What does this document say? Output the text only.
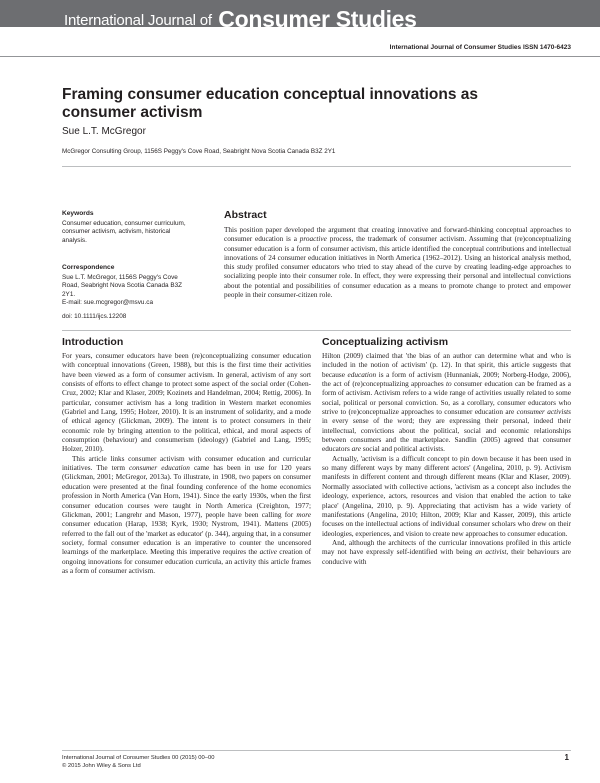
International Journal of Consumer Studies
International Journal of Consumer Studies ISSN 1470-6423
Framing consumer education conceptual innovations as consumer activism
Sue L.T. McGregor
McGregor Consulting Group, 1156S Peggy's Cove Road, Seabright Nova Scotia Canada B3Z 2Y1
Keywords

Consumer education, consumer curriculum, consumer activism, activism, historical analysis.

Correspondence

Sue L.T. McGregor, 1156S Peggy's Cove Road, Seabright Nova Scotia Canada B3Z 2Y1.

E-mail: sue.mcgregor@msvu.ca

doi: 10.1111/ijcs.12208
Abstract
This position paper developed the argument that creating innovative and forward-thinking conceptual approaches to consumer education is a proactive process, the trademark of consumer activism. Assuming that (re)conceptualizing consumer education is a form of consumer activism, this article identified the conceptual contributions and intellectual innovations of 24 consumer education initiatives in North America (1962–2012). Using an historical analysis method, this study profiled consumer educators who tried to stay ahead of the curve by creating leading-edge approaches to socializing people into their consumer role. In effect, they were expressing their personal and intellectual convictions about the potential and possibilities of consumer education as a means to promote change to protect and empower people in their consumer-citizen role.
Introduction

For years, consumer educators have been (re)conceptualizing consumer education with conceptual innovations (Green, 1988), but this is the first time their activities have been viewed as a form of consumer activism. In general, activism of any sort consists of efforts to effect change to protect some aspect of the social order (Cohen-Cruz, 2002; Klar and Klaser, 2009; Kozinets and Handelman, 2004; Rettig, 2006). In particular, consumer activism has a long tradition in Western market economies (Gabriel and Lang, 1995; Holzer, 2010). It is an instrument of solidarity, and a mode of ethical agency (Glickman, 2009). The intent is to protect consumers in their economic role by bringing attention to the political, ethical, and moral aspects of consumption (behaviour) and consumerism (ideology) (Gabriel and Lang, 1995; Holzer, 2010).

This article links consumer activism with consumer education and curricular initiatives. The term consumer education came has been in use for 120 years (Glickman, 2001; McGregor, 2013a). To illustrate, in 1908, two papers on consumer education were presented at the final founding conference of the home economics profession in North America (Van Horn, 1941). Since the early 1930s, when the first consumer education courses were taught in North America (Creighton, 1977; Glickman, 2001; Langrehr and Mason, 1977), people have been calling for more consumer education (Harap, 1938; Kyrk, 1930; Nystrom, 1941). Mattens (2005) referred to the fall out of the 'market as educator' (p. 344), arguing that, in a consumer society, formal consumer education is an imperative to counter the uncensored learnings of the marketplace. Meeting this imperative requires the active creation of ongoing innovations for consumer education curricula, an activity this article frames as a form of consumer activism.

Conceptualizing activism

Hilton (2009) claimed that 'the bias of an author can determine what and who is included in the notion of activism' (p. 12). In that spirit, this article suggests that because education is a form of activism (Hunnaniak, 2009; Norberg-Hodge, 2006), the act of (re)conceptualizing approaches to consumer education can be framed as a form of activism. Activism refers to a wide range of activities usually related to some social, political or personal conviction. So, as a corollary, consumer educators who strive to (re)conceptualize approaches to consumer education are consumer activists in every sense of the word; they are expressing their personal, indeed their intellectual, convictions about the political, social and economic relationships between consumers and the marketplace. Sandlin (2005) agreed that consumer educators are social and political activists.

Actually, 'activism is a difficult concept to pin down because it has been used in so many different ways by many different actors' (Angelina, 2010, p. 9). Activism manifests in different content and through different means (Klar and Klaser, 2009). Normally associated with collective actions, 'activism as a concept also includes the ideology, experience, actors, resources and vision that enabled the action to take place' (Angelina, 2010, p. 9). Appreciating that activism has a wide variety of manifestations (Angelina, 2010; Hilton, 2009; Klar and Kasser, 2009), this article focuses on the intellectual actions of individual consumer scholars who drew on their ideologies, experiences, and vision to create new approaches to consumer education.

And, although the architects of the curricular innovations profiled in this article may not have expressly self-identified with being an activist, their behaviours are conducive with

International Journal of Consumer Studies 00 (2015) 00–00
© 2015 John Wiley & Sons Ltd
1
